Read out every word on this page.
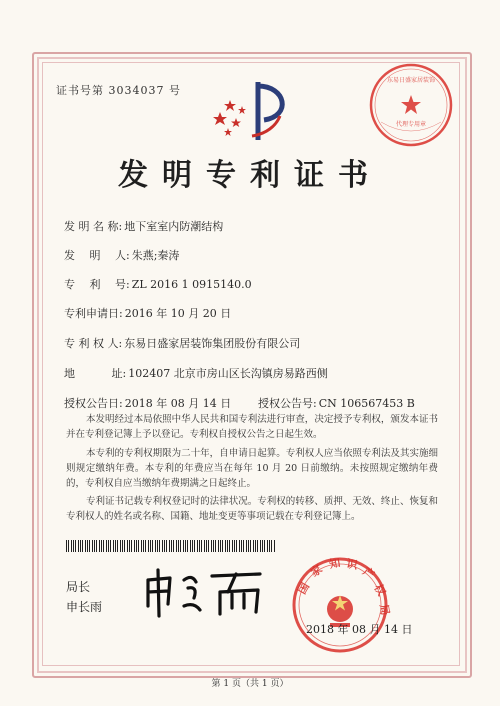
证书号第 3034037 号
东易日盛家居装饰
代理专用章
发明专利证书
发 明 名 称: 地下室室内防潮结构
发　 明　 人: 朱燕;秦涛
专　 利　 号: ZL 2016 1 0915140.0
专利申请日: 2016 年 10 月 20 日
专 利 权 人: 东易日盛家居装饰集团股份有限公司
地　　　 址: 102407 北京市房山区长沟镇房易路西侧
授权公告日: 2018 年 08 月 14 日 授权公告号: CN 106567453 B

本发明经过本局依照中华人民共和国专利法进行审查，决定授予专利权，颁发本证书并在专利登记簿上予以登记。专利权自授权公告之日起生效。

本专利的专利权期限为二十年，自申请日起算。专利权人应当依照专利法及其实施细则规定缴纳年费。本专利的年费应当在每年 10 月 20 日前缴纳。未按照规定缴纳年费的，专利权自应当缴纳年费期满之日起终止。

专利证书记载专利权登记时的法律状况。专利权的转移、质押、无效、终止、恢复和专利权人的姓名或名称、国籍、地址变更等事项记载在专利登记簿上。

局长
申长雨
国
家 知 识
产
权
局
2018 年 08 月 14 日
第 1 页（共 1 页）
